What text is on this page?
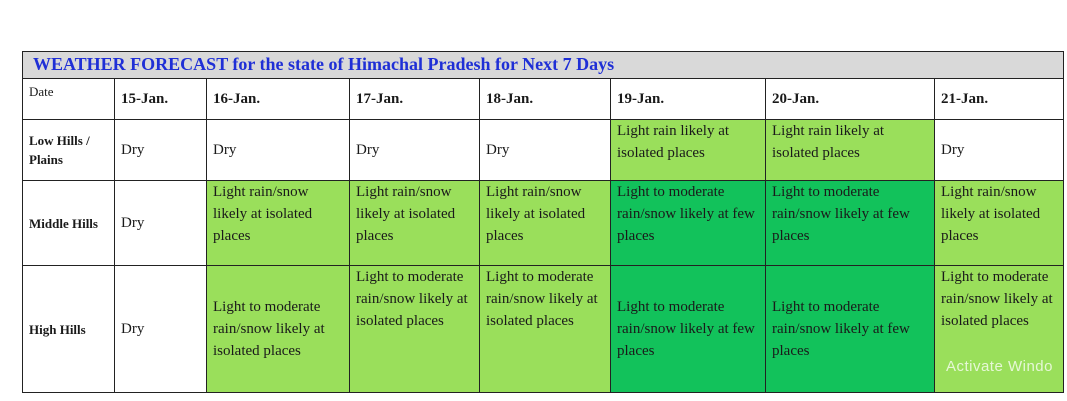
WEATHER FORECAST for the state of Himachal Pradesh for Next 7 Days							
Date	15-Jan.	16-Jan.	17-Jan.	18-Jan.	19-Jan.	20-Jan.	21-Jan.
Low Hills / Plains	Dry	Dry	Dry	Dry	Light rain likely at isolated places	Light rain likely at isolated places	Dry
Middle Hills	Dry	Light rain/snow likely at isolated places	Light rain/snow likely at isolated places	Light rain/snow likely at isolated places	Light to moderate rain/snow likely at few places	Light to moderate rain/snow likely at few places	Light rain/snow likely at isolated places
High Hills	Dry	Light to moderate rain/snow likely at isolated places	Light to moderate rain/snow likely at isolated places	Light to moderate rain/snow likely at isolated places	Light to moderate rain/snow likely at few places	Light to moderate rain/snow likely at few places	Light to moderate rain/snow likely at isolated places
Activate Windo
